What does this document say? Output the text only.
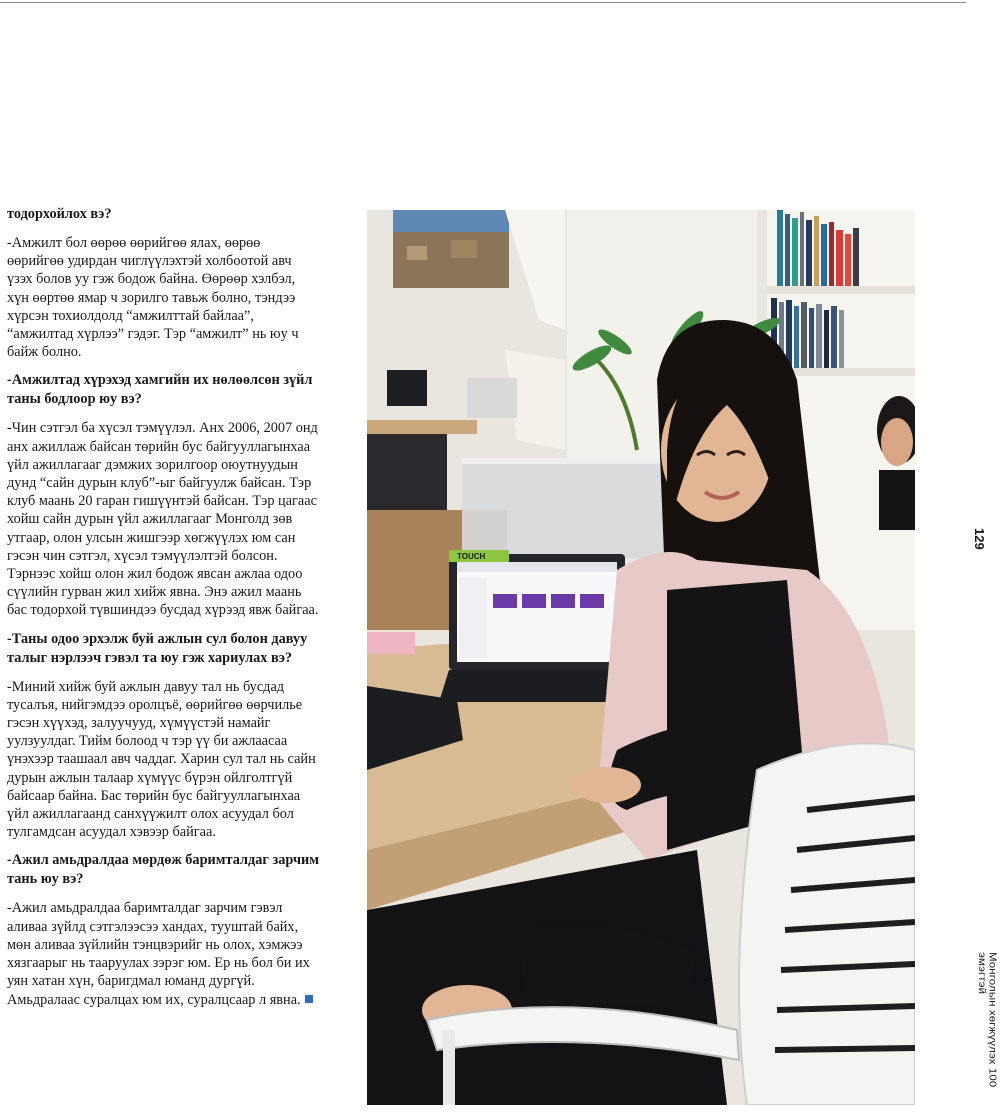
тодорхойлох вэ?

-Амжилт бол өөрөө өөрийгөө ялах, өөрөө өөрийгөө удирдан чиглүүлэхтэй холбоотой авч үзэх болов уу гэж бодож байна. Өөрөөр хэлбэл, хүн өөртөө ямар ч зорилго тавьж болно, тэндээ хүрсэн тохиолдолд “амжилттай байлаа”, “амжилтад хүрлээ” гэдэг. Тэр “амжилт” нь юу ч байж болно.

-Амжилтад хүрэхэд хамгийн их нөлөөлсөн зүйл таны бодлоор юу вэ?

-Чин сэтгэл ба хүсэл тэмүүлэл. Анх 2006, 2007 онд анх ажиллаж байсан төрийн бус байгууллагынхаа үйл ажиллагааг дэмжих зорилгоор оюутнуудын дунд “сайн дурын клуб”-ыг байгуулж байсан. Тэр клуб маань 20 гаран гишүүнтэй байсан. Тэр цагаас хойш сайн дурын үйл ажиллагааг Монголд зөв утгаар, олон улсын жишгээр хөгжүүлэх юм сан гэсэн чин сэтгэл, хүсэл тэмүүлэлтэй болсон. Тэрнээс хойш олон жил бодож явсан ажлаа одоо сүүлийн гурван жил хийж явна. Энэ ажил маань бас тодорхой түвшиндээ бусдад хүрээд явж байгаа.

-Таны одоо эрхэлж буй ажлын сул болон давуу талыг нэрлээч гэвэл та юу гэж хариулах вэ?

-Миний хийж буй ажлын давуу тал нь бусдад тусалъя, нийгэмдээ оролцъё, өөрийгөө өөрчилье гэсэн хүүхэд, залуучууд, хүмүүстэй намайг уулзуулдаг. Тийм болоод ч тэр үү би ажлаасаа үнэхээр таашаал авч чаддаг. Харин сул тал нь сайн дурын ажлын талаар хүмүүс бүрэн ойлголтгүй байсаар байна. Бас төрийн бус байгууллагынхаа үйл ажиллагаанд санхүүжилт олох асуудал бол тулгамдсан асуудал хэвээр байгаа.

-Ажил амьдралдаа мөрдөж баримталдаг зарчим тань юу вэ?

-Ажил амьдралдаа баримталдаг зарчим гэвэл аливаа зүйлд сэтгэлээсээ хандах, тууштай байх, мөн аливаа зүйлийн тэнцвэрийг нь олох, хэмжээ хязгаарыг нь тааруулах зэрэг юм. Ер нь бол би их уян хатан хүн, баригдмал юманд дургүй. Амьдралаас суралцах юм их, суралцсаар л явна.

TOUCH
129
Монголын хөгжүүлэх 100 эмэгтэй
